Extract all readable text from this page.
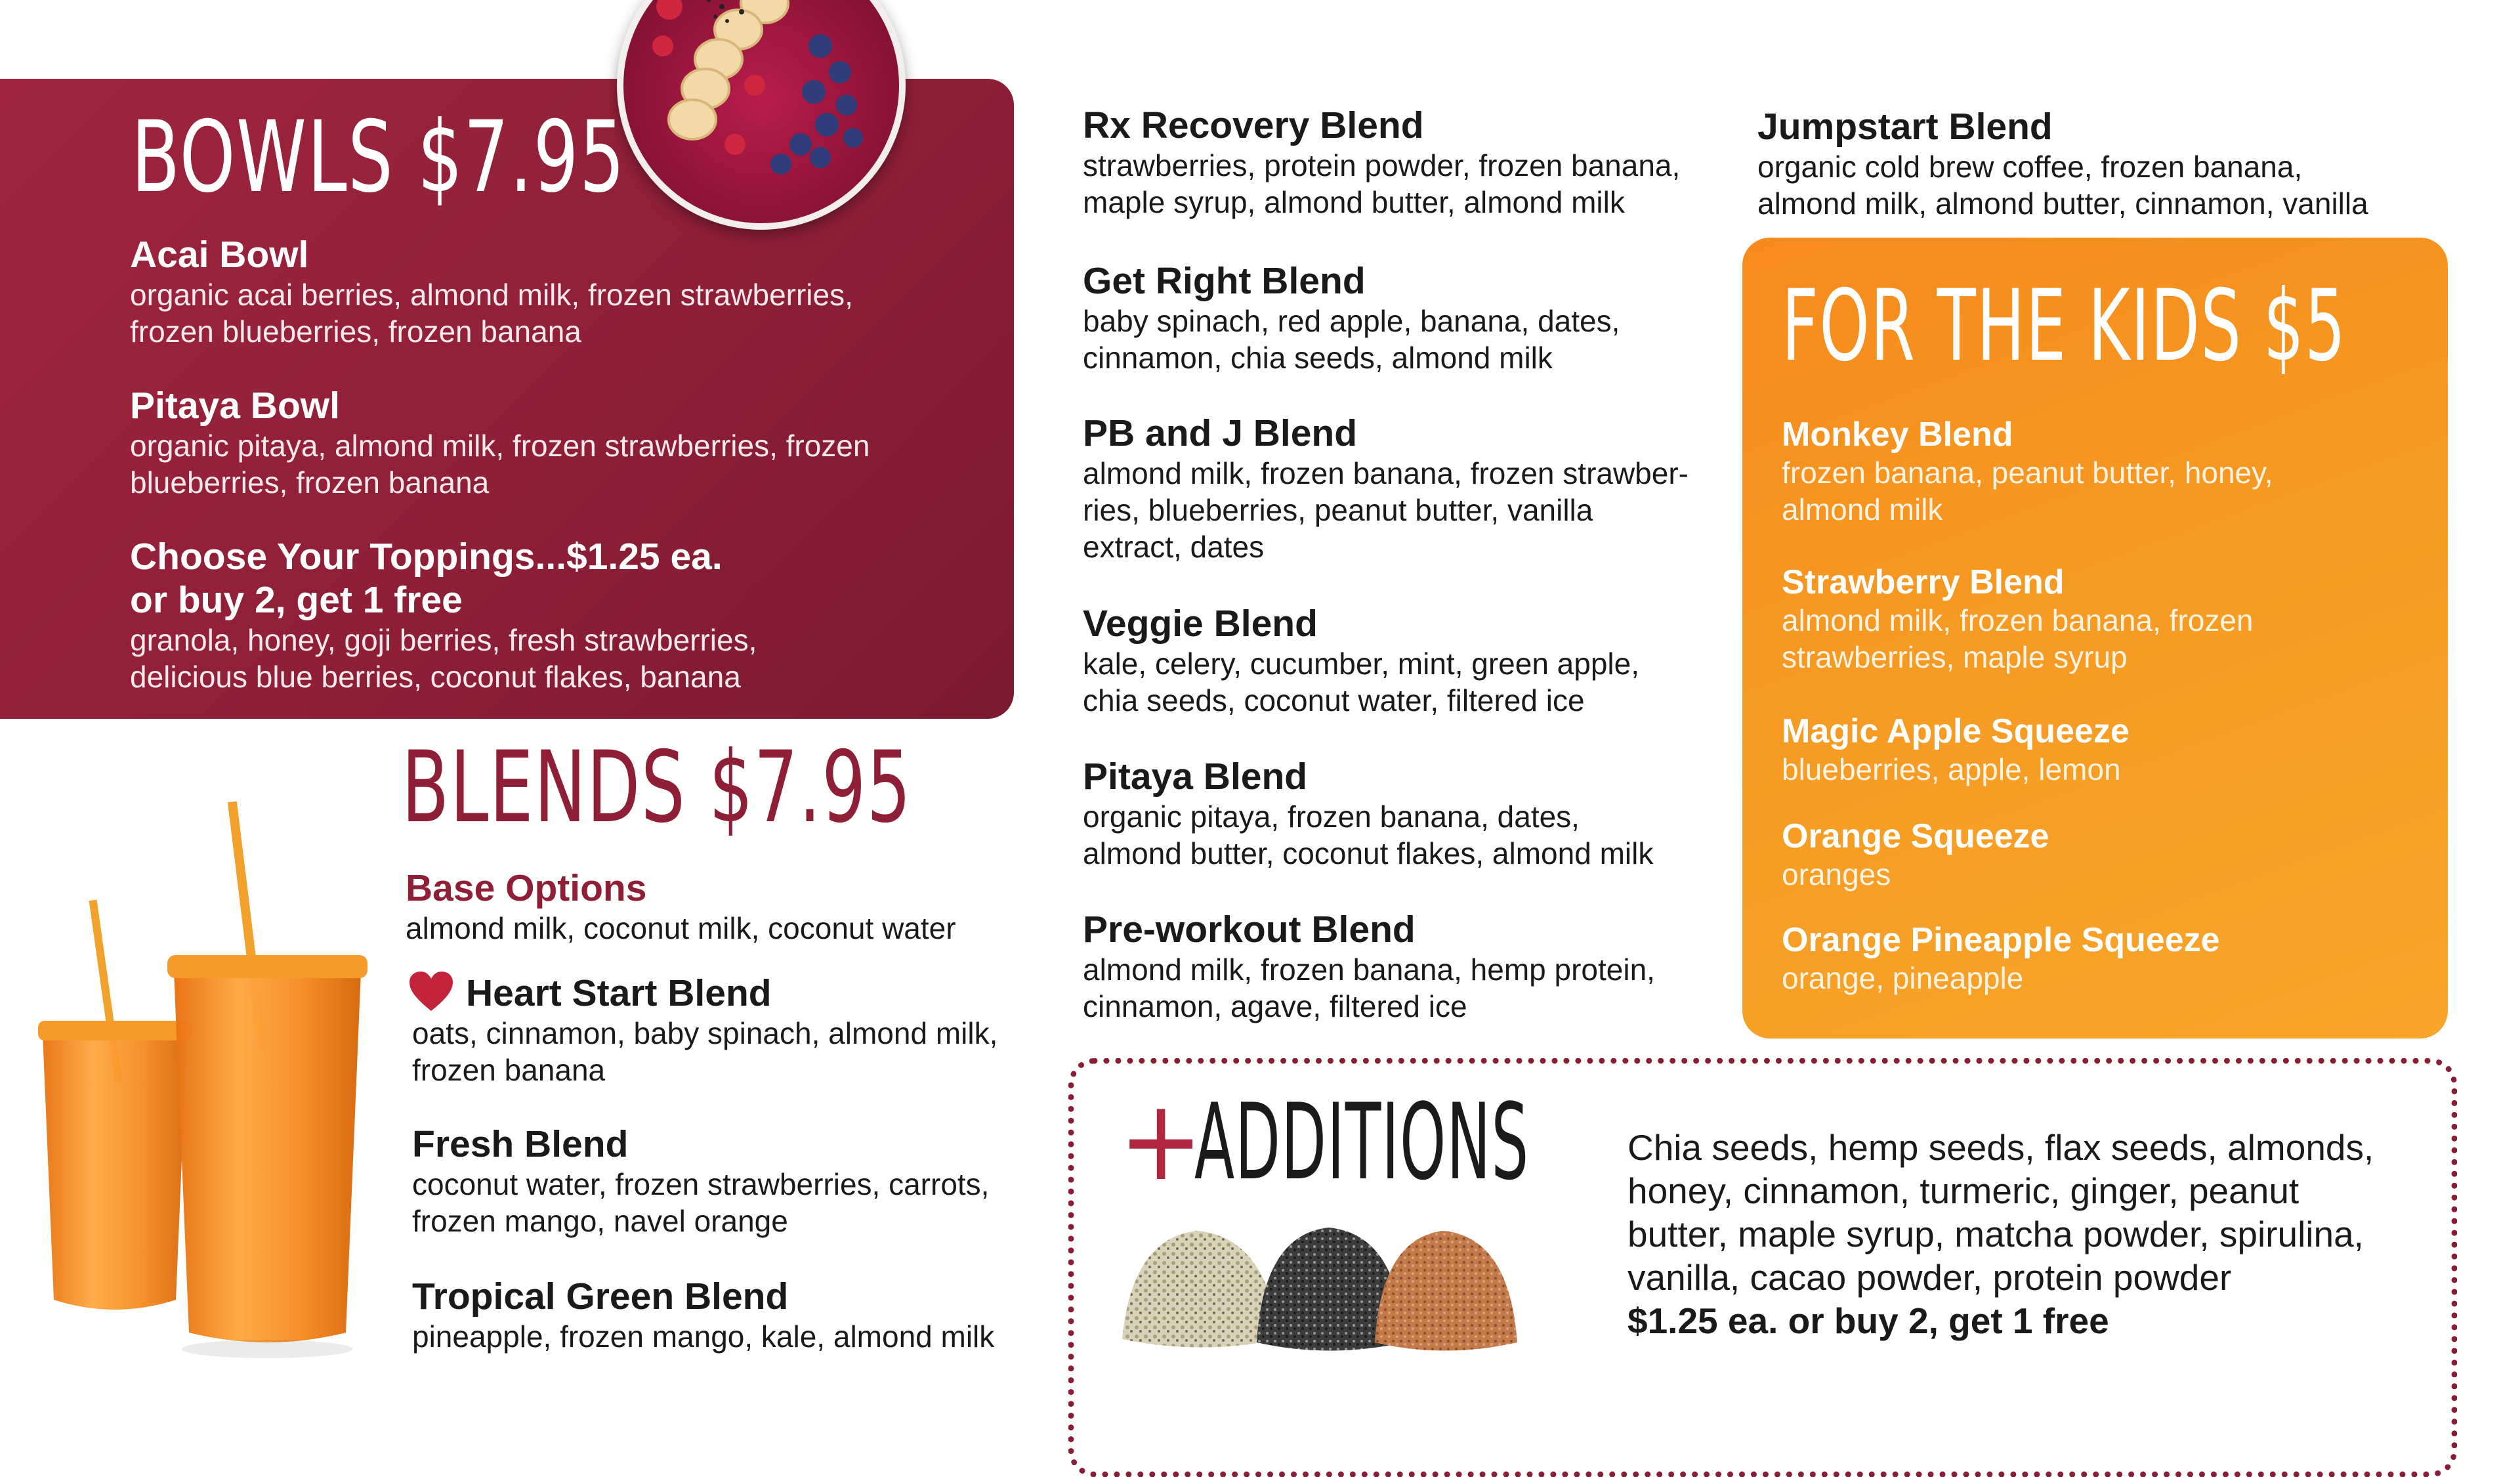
BOWLS $7.95
Acai Bowl
organic acai berries, almond milk, frozen strawberries,
frozen blueberries, frozen banana
Pitaya Bowl
organic pitaya, almond milk, frozen strawberries, frozen
blueberries, frozen banana
Choose Your Toppings...$1.25 ea.
or buy 2, get 1 free
granola, honey, goji berries, fresh strawberries,
delicious blue berries, coconut flakes, banana
BLENDS $7.95
Base Options
almond milk, coconut milk, coconut water
Heart Start Blend
oats, cinnamon, baby spinach, almond milk,
frozen banana
Fresh Blend
coconut water, frozen strawberries, carrots,
frozen mango, navel orange
Tropical Green Blend
pineapple, frozen mango, kale, almond milk
Rx Recovery Blend
strawberries, protein powder, frozen banana,
maple syrup, almond butter, almond milk
Get Right Blend
baby spinach, red apple, banana, dates,
cinnamon, chia seeds, almond milk
PB and J Blend
almond milk, frozen banana, frozen strawber-
ries, blueberries, peanut butter, vanilla
extract, dates
Veggie Blend
kale, celery, cucumber, mint, green apple,
chia seeds, coconut water, filtered ice
Pitaya Blend
organic pitaya, frozen banana, dates,
almond butter, coconut flakes, almond milk
Pre-workout Blend
almond milk, frozen banana, hemp protein,
cinnamon, agave, filtered ice
Jumpstart Blend
organic cold brew coffee, frozen banana,
almond milk, almond butter, cinnamon, vanilla
FOR THE KIDS $5
Monkey Blend
frozen banana, peanut butter, honey,
almond milk
Strawberry Blend
almond milk, frozen banana, frozen
strawberries, maple syrup
Magic Apple Squeeze
blueberries, apple, lemon
Orange Squeeze
oranges
Orange Pineapple Squeeze
orange, pineapple
+
ADDITIONS	Chia seeds, hemp seeds, flax seeds, almonds,
honey, cinnamon, turmeric, ginger, peanut
butter, maple syrup, matcha powder, spirulina,
vanilla, cacao powder, protein powder
$1.25 ea. or buy 2, get 1 free
